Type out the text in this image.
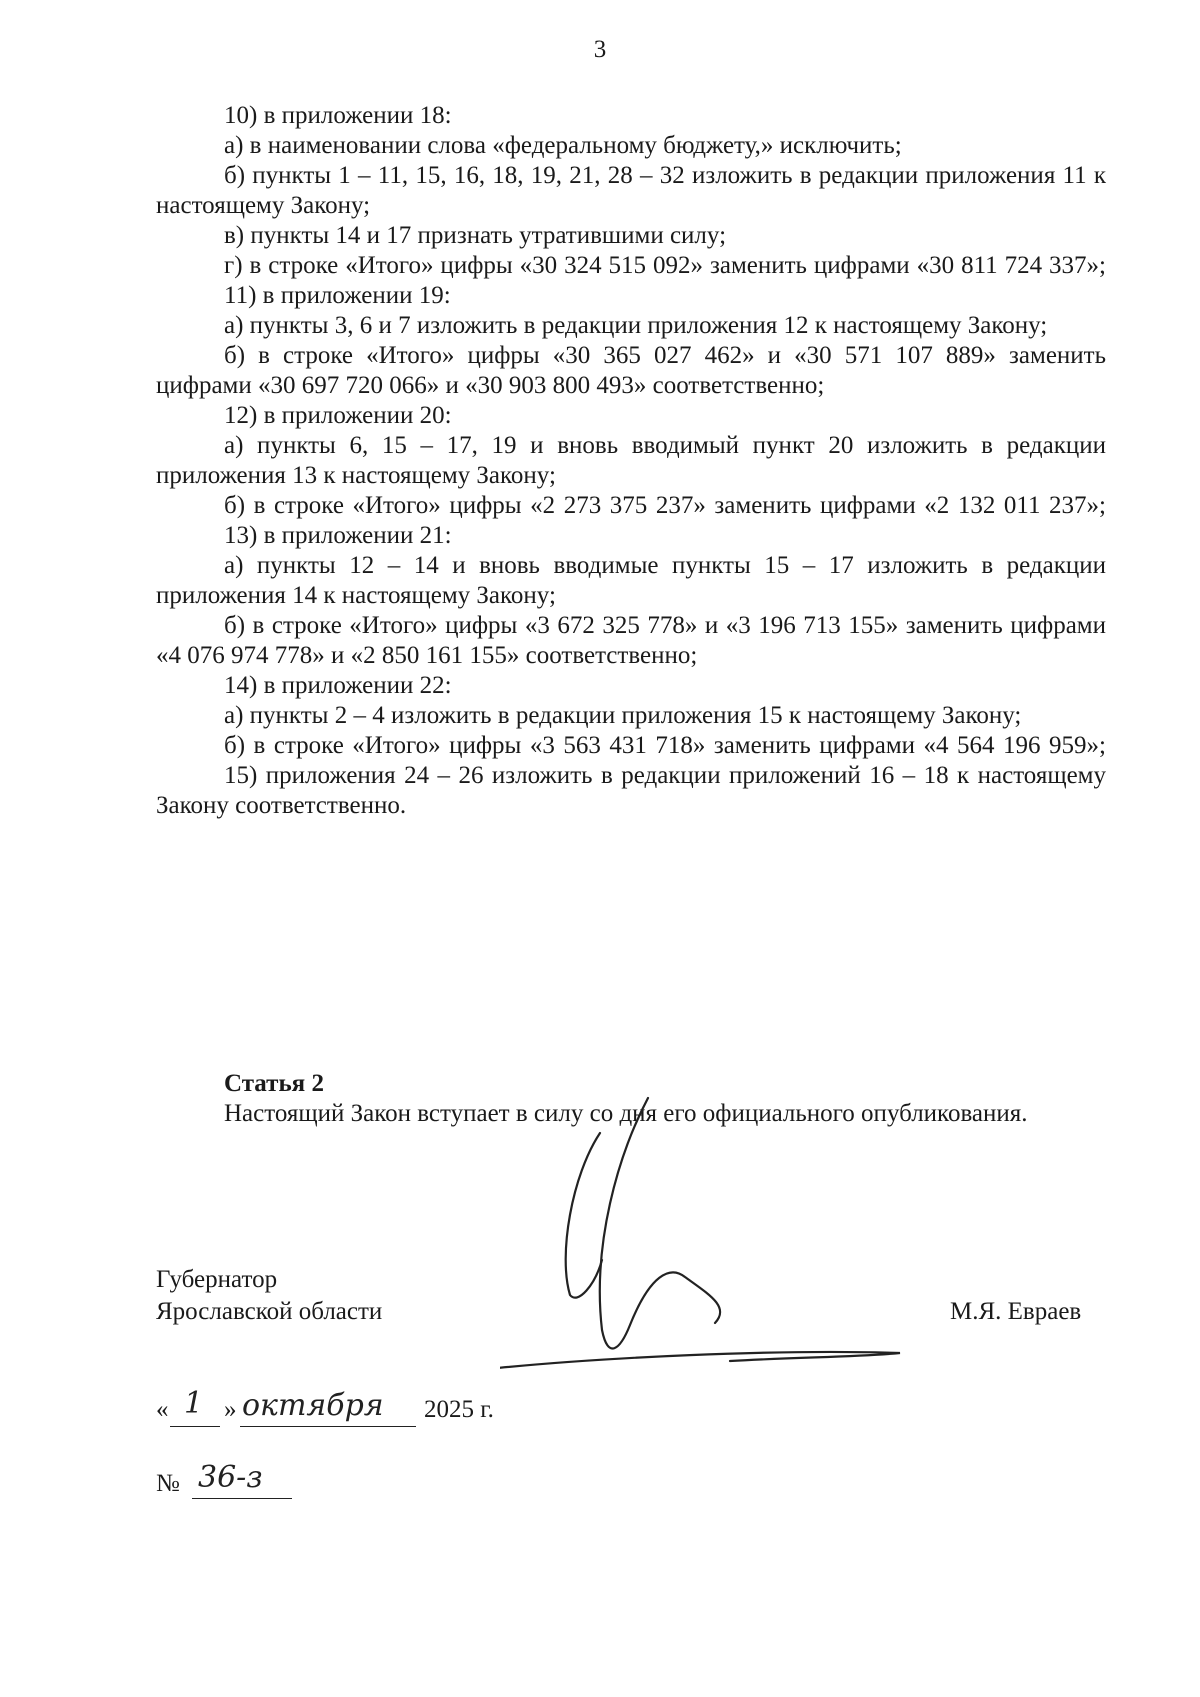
3

10) в приложении 18:

а) в наименовании слова «федеральному бюджету,» исключить;

б) пункты 1 – 11, 15, 16, 18, 19, 21, 28 – 32 изложить в редакции приложения 11 к настоящему Закону;

в) пункты 14 и 17 признать утратившими силу;

г) в строке «Итого» цифры «30 324 515 092» заменить цифрами «30 811 724 337»;

11) в приложении 19:

а) пункты 3, 6 и 7 изложить в редакции приложения 12 к настоящему Закону;

б) в строке «Итого» цифры «30 365 027 462» и «30 571 107 889» заменить цифрами «30 697 720 066» и «30 903 800 493» соответственно;

12) в приложении 20:

а) пункты 6, 15 – 17, 19 и вновь вводимый пункт 20 изложить в редакции приложения 13 к настоящему Закону;

б) в строке «Итого» цифры «2 273 375 237» заменить цифрами «2 132 011 237»;

13) в приложении 21:

а) пункты 12 – 14 и вновь вводимые пункты 15 – 17 изложить в редакции приложения 14 к настоящему Закону;

б) в строке «Итого» цифры «3 672 325 778» и «3 196 713 155» заменить цифрами «4 076 974 778» и «2 850 161 155» соответственно;

14) в приложении 22:

а) пункты 2 – 4 изложить в редакции приложения 15 к настоящему Закону;

б) в строке «Итого» цифры «3 563 431 718» заменить цифрами «4 564 196 959»;

15) приложения 24 – 26 изложить в редакции приложений 16 – 18 к настоящему Закону соответственно.

Статья 2

Настоящий Закон вступает в силу со дня его официального опубликования.

Губернатор
Ярославской области	М.Я. Евраев
« 1 » октября 2025 г.
№ 36-з
